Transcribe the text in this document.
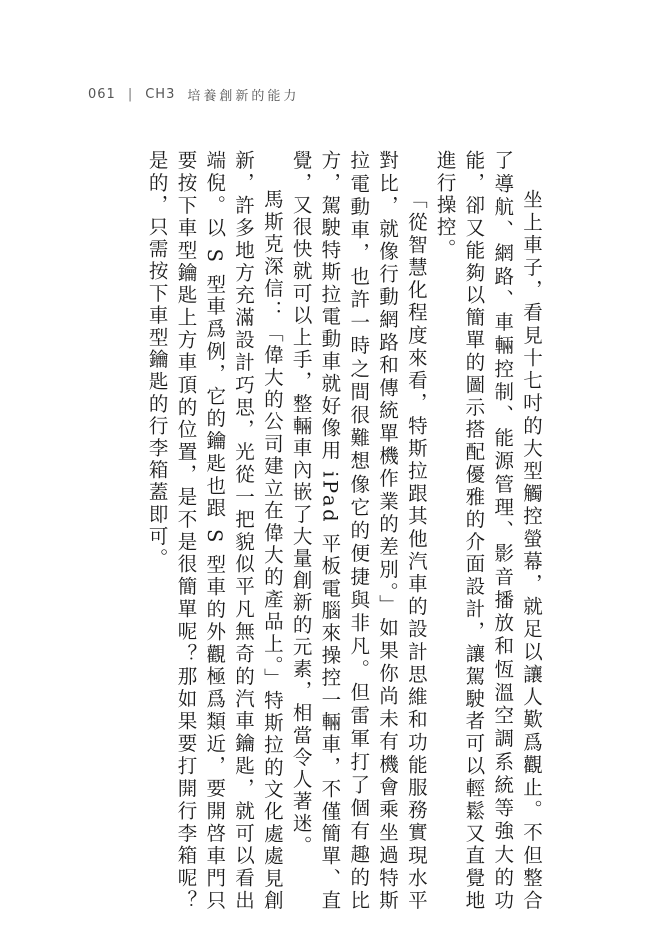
061 | CH3 培養創新的能力

坐上車子，看見十七吋的大型觸控螢幕，就足以讓人歎爲觀止。不但整合了導航、網路、車輛控制、能源管理、影音播放和恆溫空調系統等強大的功能，卻又能夠以簡單的圖示搭配優雅的介面設計，讓駕駛者可以輕鬆又直覺地進行操控。

「從智慧化程度來看，特斯拉跟其他汽車的設計思維和功能服務實現水平對比，就像行動網路和傳統單機作業的差別。」如果你尚未有機會乘坐過特斯拉電動車，也許一時之間很難想像它的便捷與非凡。但雷軍打了個有趣的比方，駕駛特斯拉電動車就好像用 iPad 平板電腦來操控一輛車，不僅簡單、直覺，又很快就可以上手，整輛車內嵌了大量創新的元素，相當令人著迷。

馬斯克深信：「偉大的公司建立在偉大的產品上。」特斯拉的文化處處見創新，許多地方充滿設計巧思，光從一把貌似平凡無奇的汽車鑰匙，就可以看出端倪。以 S 型車爲例，它的鑰匙也跟 S 型車的外觀極爲類近，要開啓車門只要按下車型鑰匙上方車頂的位置，是不是很簡單呢？那如果要打開行李箱呢？是的，只需按下車型鑰匙的行李箱蓋即可。
